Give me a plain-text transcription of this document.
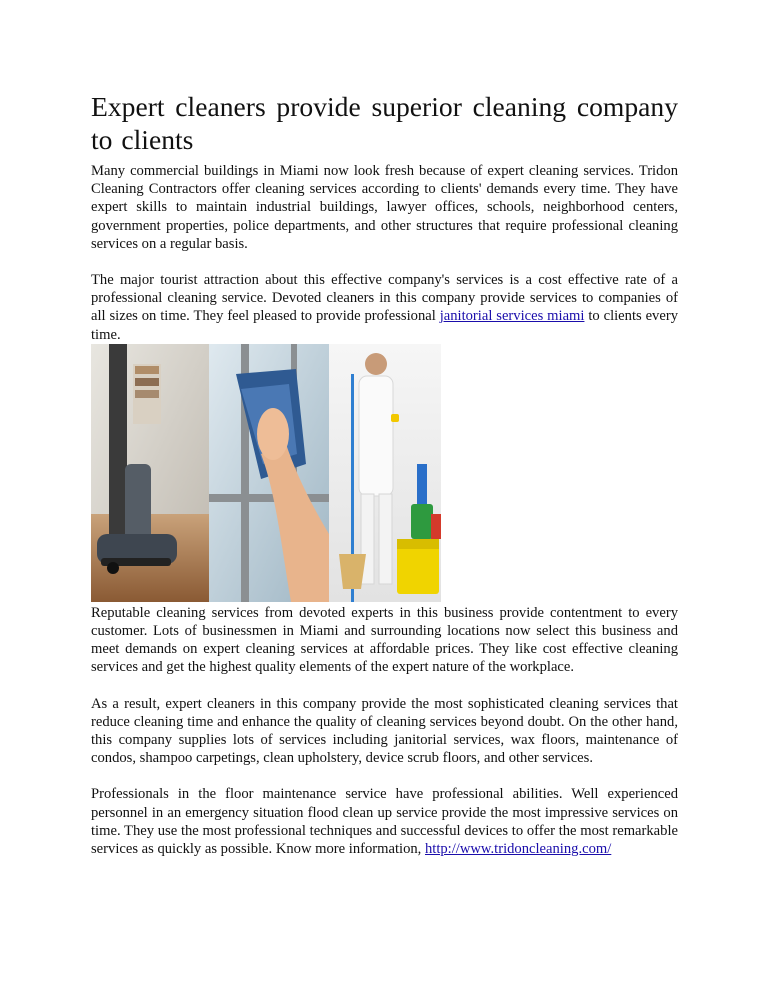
Expert cleaners provide superior cleaning company to clients

Many commercial buildings in Miami now look fresh because of expert cleaning services. Tridon Cleaning Contractors offer cleaning services according to clients' demands every time. They have expert skills to maintain industrial buildings, lawyer offices, schools, neighborhood centers, government properties, police departments, and other structures that require professional cleaning services on a regular basis.

The major tourist attraction about this effective company's services is a cost effective rate of a professional cleaning service. Devoted cleaners in this company provide services to companies of all sizes on time. They feel pleased to provide professional janitorial services miami to clients every time.

Reputable cleaning services from devoted experts in this business provide contentment to every customer. Lots of businessmen in Miami and surrounding locations now select this business and meet demands on expert cleaning services at affordable prices. They like cost effective cleaning services and get the highest quality elements of the expert nature of the workplace.

As a result, expert cleaners in this company provide the most sophisticated cleaning services that reduce cleaning time and enhance the quality of cleaning services beyond doubt. On the other hand, this company supplies lots of services including janitorial services, wax floors, maintenance of condos, shampoo carpetings, clean upholstery, device scrub floors, and other services.

Professionals in the floor maintenance service have professional abilities. Well experienced personnel in an emergency situation flood clean up service provide the most impressive services on time. They use the most professional techniques and successful devices to offer the most remarkable services as quickly as possible. Know more information, http://www.tridoncleaning.com/
